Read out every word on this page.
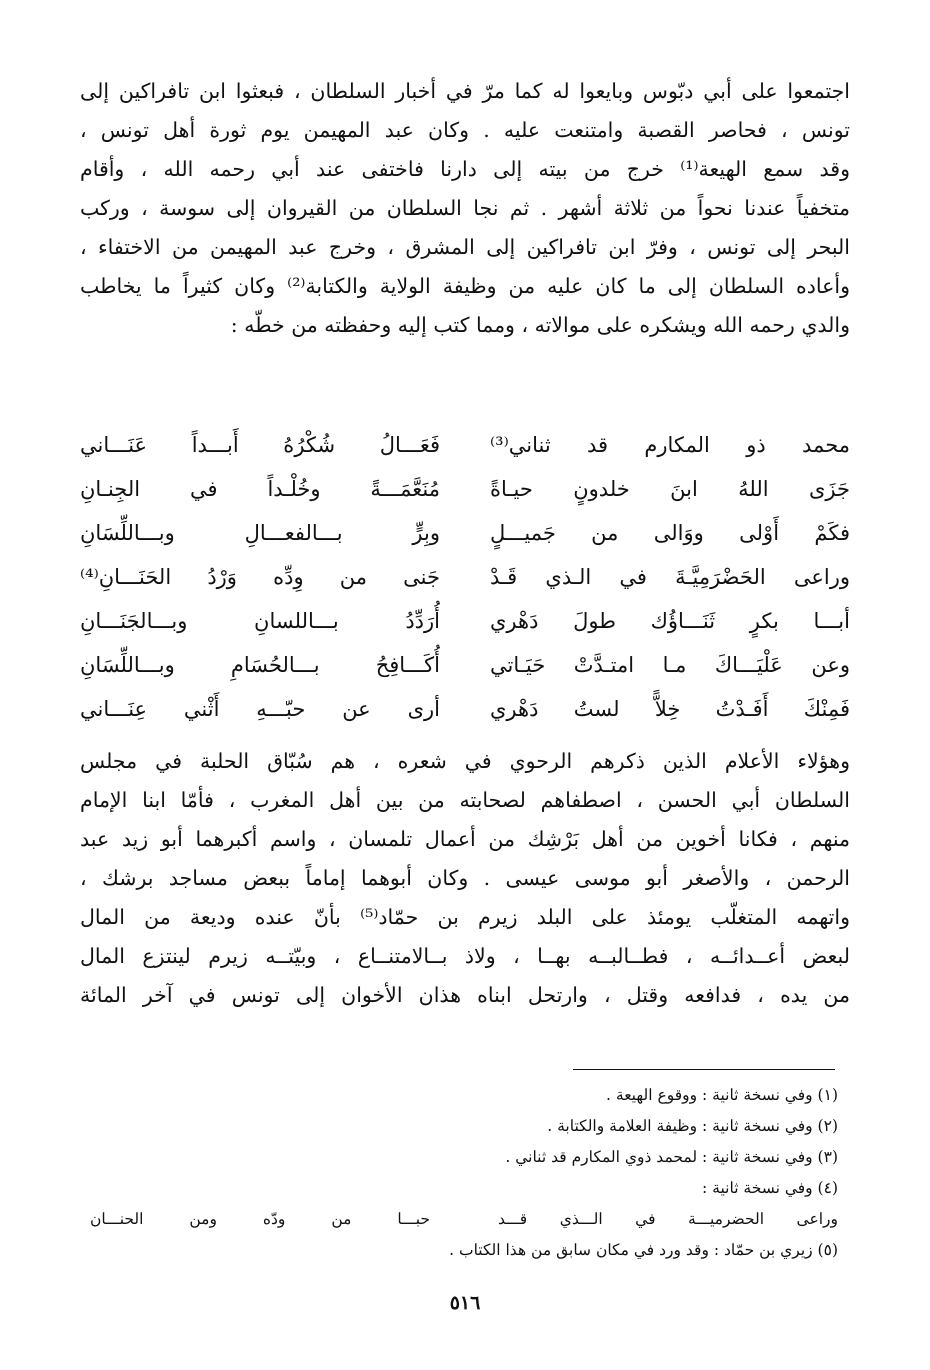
اجتمعوا على أبي دبّوس وبايعوا له كما مرّ في أخبار السلطان ، فبعثوا ابن تافراكين إلى
تونس ، فحاصر القصبة وامتنعت عليه . وكان عبد المهيمن يوم ثورة أهل تونس ،
وقد سمع الهيعة⁽¹⁾ خرج من بيته إلى دارنا فاختفى عند أبي رحمه الله ، وأقام
متخفياً عندنا نحواً من ثلاثة أشهر . ثم نجا السلطان من القيروان إلى سوسة ، وركب
البحر إلى تونس ، وفرّ ابن تافراكين إلى المشرق ، وخرج عبد المهيمن من الاختفاء ،
وأعاده السلطان إلى ما كان عليه من وظيفة الولاية والكتابة⁽²⁾ وكان كثيراً ما يخاطب
والدي رحمه الله ويشكره على موالاته ، ومما كتب إليه وحفظته من خطّه :
محمد ذو المكارم قد ثناني⁽³⁾
فَعَـــالُ شُكْرُهُ أَبـــداً عَنَـــاني
جَزَى اللهُ ابنَ خلدونٍ حيـاةً
مُنَعَّمَـــةً وخُلْـداً في الجِنـانِ
فكَمْ أَوْلى ووَالى من جَميـــلٍ
وبِرٍّ بـــالفعـــالِ وبـــاللِّسَانِ
وراعى الحَضْرَمِيَّـةَ في الـذي قَـدْ
جَنى من وِدِّه وَرْدُ الحَنَـــانِ⁽⁴⁾
أبـــا بكرٍ ثَنَـــاؤُك طولَ دَهْري
أُرَدِّدُ بـــاللسانِ وبـــالجَنَـــانِ
وعن عَلْيَـــاكَ مـا امتـدَّتْ حَيَـاتي
أُكَـــافِحُ بـــالحُسَامِ وبـــاللِّسَانِ
فَمِنْكَ أَفَـدْتُ خِلاًّ لستُ دَهْري
أرى عن حبّـــهِ أَثْني عِنَـــاني
وهؤلاء الأعلام الذين ذكرهم الرحوي في شعره ، هم سُبّاق الحلبة في مجلس
السلطان أبي الحسن ، اصطفاهم لصحابته من بين أهل المغرب ، فأمّا ابنا الإمام
منهم ، فكانا أخوين من أهل بَرْشِك من أعمال تلمسان ، واسم أكبرهما أبو زيد عبد
الرحمن ، والأصغر أبو موسى عيسى . وكان أبوهما إماماً ببعض مساجد برشك ،
واتهمه المتغلّب يومئذ على البلد زيرم بن حمّاد⁽⁵⁾ بأنّ عنده وديعة من المال
لبعض أعــدائــه ، فطــالبــه بهــا ، ولاذ بــالامتنــاع ، وبيّتــه زيرم لينتزع المال
من يده ، فدافعه وقتل ، وارتحل ابناه هذان الأخوان إلى تونس في آخر المائة
(١) وفي نسخة ثانية : ووقوع الهيعة .
(٢) وفي نسخة ثانية : وظيفة العلامة والكتابة .
(٣) وفي نسخة ثانية : لمحمد ذوي المكارم قد ثناني .
(٤) وفي نسخة ثانية :
وراعى الحضرميـــة في الـــذي قـــد
حبـــا من ودّه ومن الحنـــان
(٥) زيري بن حمّاد : وقد ورد في مكان سابق من هذا الكتاب .
٥١٦
